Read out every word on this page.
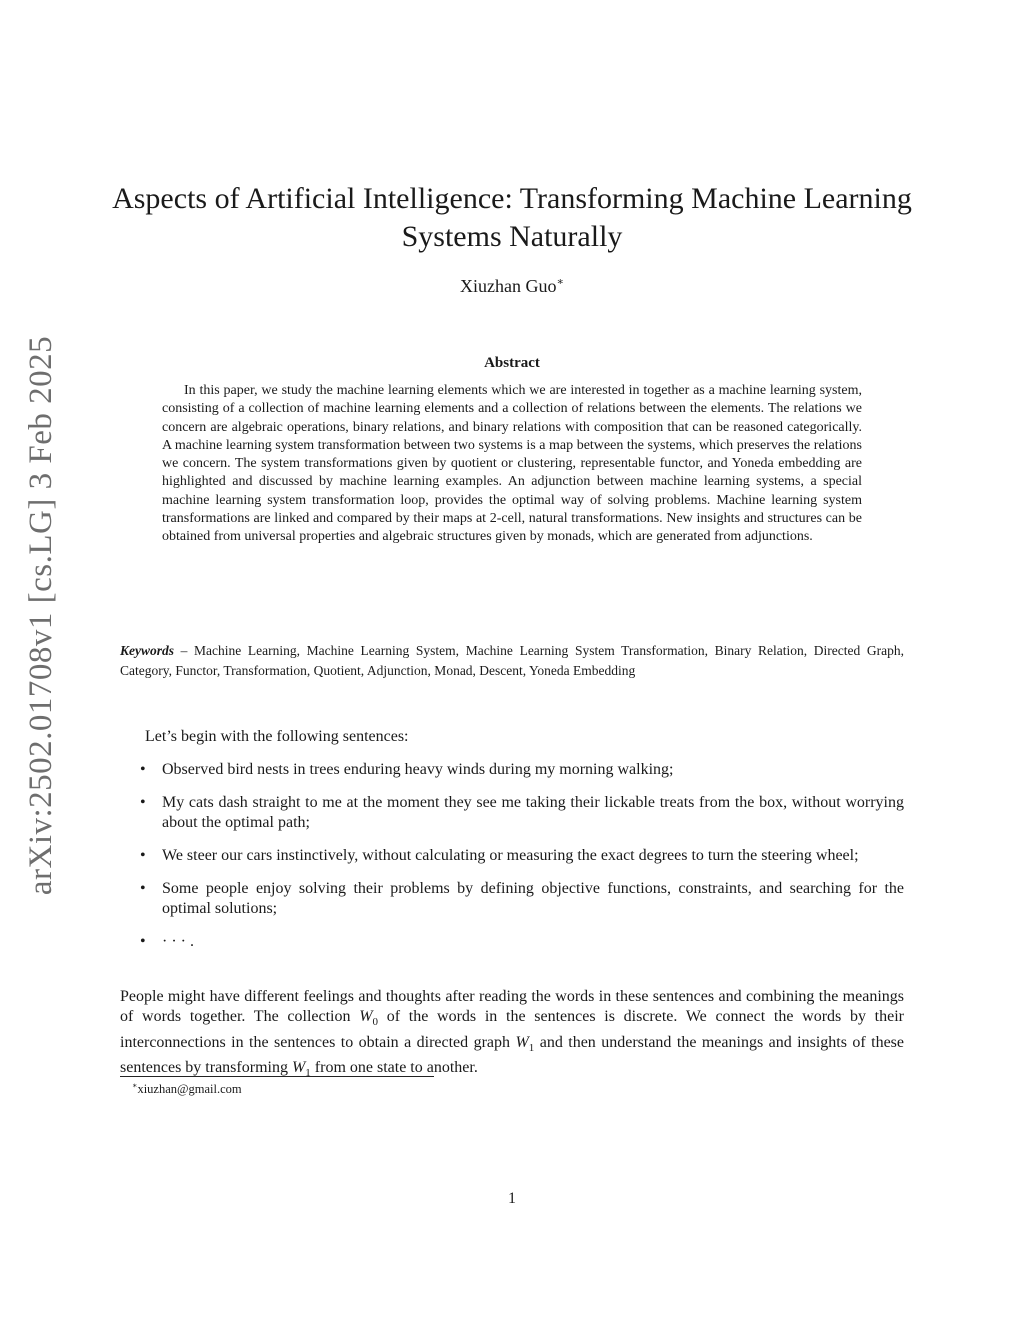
arXiv:2502.01708v1 [cs.LG] 3 Feb 2025
Aspects of Artificial Intelligence: Transforming Machine Learning
Systems Naturally
Xiuzhan Guo∗
Abstract

In this paper, we study the machine learning elements which we are interested in together as a machine learning system, consisting of a collection of machine learning elements and a collection of relations between the elements. The relations we concern are algebraic operations, binary relations, and binary relations with composition that can be reasoned categorically. A machine learning system transformation between two systems is a map between the systems, which preserves the relations we concern. The system transformations given by quotient or clustering, representable functor, and Yoneda embedding are highlighted and discussed by machine learning examples. An adjunction between machine learning systems, a special machine learning system transformation loop, provides the optimal way of solving problems. Machine learning system transformations are linked and compared by their maps at 2-cell, natural transformations. New insights and structures can be obtained from universal properties and algebraic structures given by monads, which are generated from adjunctions.

Keywords – Machine Learning, Machine Learning System, Machine Learning System Transformation, Binary Relation, Directed Graph, Category, Functor, Transformation, Quotient, Adjunction, Monad, Descent, Yoneda Embedding

Let’s begin with the following sentences:

• Observed bird nests in trees enduring heavy winds during my morning walking;
• My cats dash straight to me at the moment they see me taking their lickable treats from the box, without worrying about the optimal path;
• We steer our cars instinctively, without calculating or measuring the exact degrees to turn the steering wheel;
• Some people enjoy solving their problems by defining objective functions, constraints, and searching for the optimal solutions;
• · · · .

People might have different feelings and thoughts after reading the words in these sentences and combining the meanings of words together. The collection $W_0$ of the words in the sentences is discrete. We connect the words by their interconnections in the sentences to obtain a directed graph $W_1$ and then understand the meanings and insights of these sentences by transforming $W_1$ from one state to another.

∗xiuzhan@gmail.com
1
